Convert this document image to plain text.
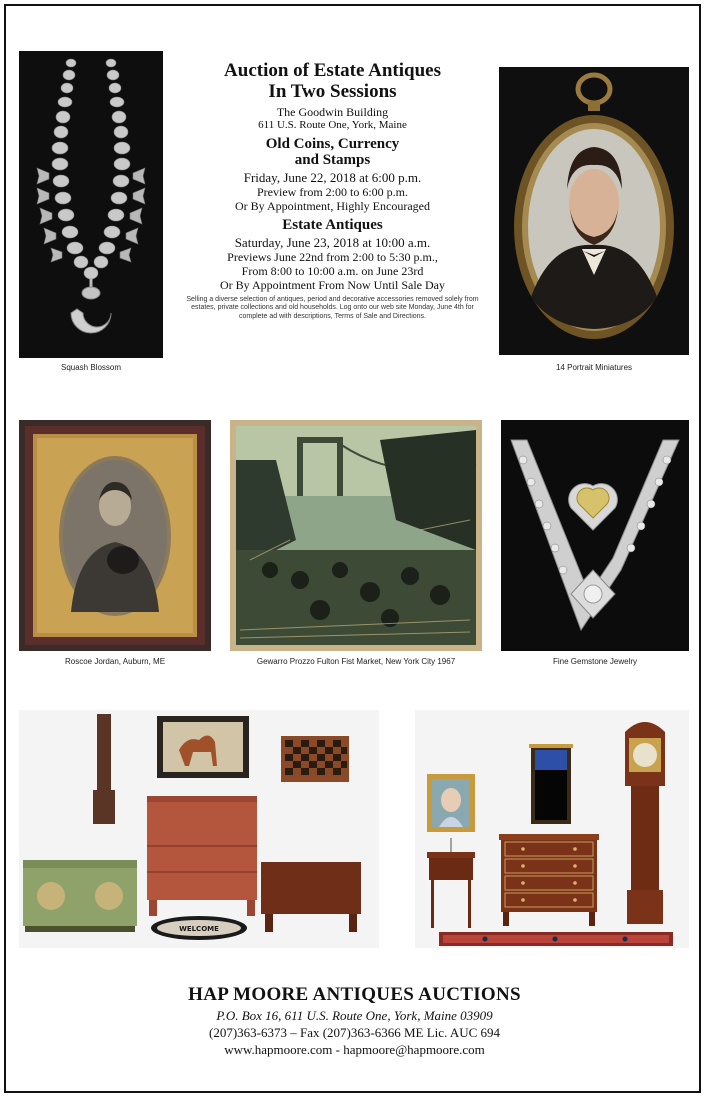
Squash Blossom	14 Portrait Miniatures

Auction of Estate Antiques

In Two Sessions

The Goodwin Building

611 U.S. Route One, York, Maine

Old Coins, Currency

and Stamps

Friday, June 22, 2018 at 6:00 p.m.

Preview from 2:00 to 6:00 p.m.

Or By Appointment, Highly Encouraged

Estate Antiques

Saturday, June 23, 2018 at 10:00 a.m.

Previews June 22nd from 2:00 to 5:30 p.m.,

From 8:00 to 10:00 a.m. on June 23rd

Or By Appointment From Now Until Sale Day

Selling a diverse selection of antiques, period and decorative accessories removed solely from estates, private collections and old households. Log onto our web site Monday, June 4th for complete ad with descriptions, Terms of Sale and Directions.

Roscoe Jordan, Auburn, ME	Gewarro Prozzo Fulton Fist Market, New York City 1967	Fine Gemstone Jewelry
WELCOME
HAP MOORE ANTIQUES AUCTIONS
P.O. Box 16, 611 U.S. Route One, York, Maine 03909
(207)363-6373 – Fax (207)363-6366 ME Lic. AUC 694
www.hapmoore.com - hapmoore@hapmoore.com
